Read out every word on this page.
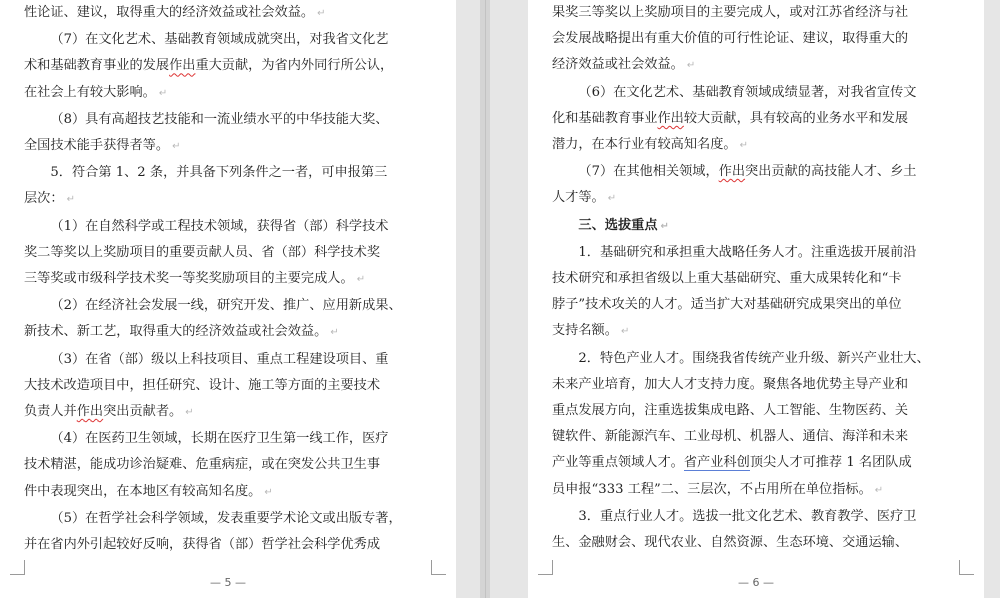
性论证、建议，取得重大的经济效益或社会效益。 ↵

（7）在文化艺术、基础教育领域成就突出，对我省文化艺

术和基础教育事业的发展作出重大贡献，为省内外同行所公认，

在社会上有较大影响。 ↵

（8）具有高超技艺技能和一流业绩水平的中华技能大奖、

全国技术能手获得者等。 ↵

5．符合第 1、2 条，并具备下列条件之一者，可申报第三

层次： ↵

（1）在自然科学或工程技术领域，获得省（部）科学技术

奖二等奖以上奖励项目的重要贡献人员、省（部）科学技术奖

三等奖或市级科学技术奖一等奖奖励项目的主要完成人。 ↵

（2）在经济社会发展一线，研究开发、推广、应用新成果、

新技术、新工艺，取得重大的经济效益或社会效益。 ↵

（3）在省（部）级以上科技项目、重点工程建设项目、重

大技术改造项目中，担任研究、设计、施工等方面的主要技术

负责人并作出突出贡献者。 ↵

（4）在医药卫生领域，长期在医疗卫生第一线工作，医疗

技术精湛，能成功诊治疑难、危重病症，或在突发公共卫生事

件中表现突出，在本地区有较高知名度。 ↵

（5）在哲学社会科学领域，发表重要学术论文或出版专著，

并在省内外引起较好反响，获得省（部）哲学社会科学优秀成

— 5 —

果奖三等奖以上奖励项目的主要完成人，或对江苏省经济与社

会发展战略提出有重大价值的可行性论证、建议，取得重大的

经济效益或社会效益。 ↵

（6）在文化艺术、基础教育领域成绩显著，对我省宣传文

化和基础教育事业作出较大贡献，具有较高的业务水平和发展

潜力，在本行业有较高知名度。 ↵

（7）在其他相关领域，作出突出贡献的高技能人才、乡土

人才等。 ↵

三、选拔重点 ↵

1．基础研究和承担重大战略任务人才。注重选拔开展前沿

技术研究和承担省级以上重大基础研究、重大成果转化和“卡

脖子”技术攻关的人才。适当扩大对基础研究成果突出的单位

支持名额。 ↵

2．特色产业人才。围绕我省传统产业升级、新兴产业壮大、

未来产业培育，加大人才支持力度。聚焦各地优势主导产业和

重点发展方向，注重选拔集成电路、人工智能、生物医药、关

键软件、新能源汽车、工业母机、机器人、通信、海洋和未来

产业等重点领域人才。省产业科创顶尖人才可推荐 1 名团队成

员申报“333 工程”二、三层次，不占用所在单位指标。 ↵

3．重点行业人才。选拔一批文化艺术、教育教学、医疗卫

生、金融财会、现代农业、自然资源、生态环境、交通运输、

— 6 —
